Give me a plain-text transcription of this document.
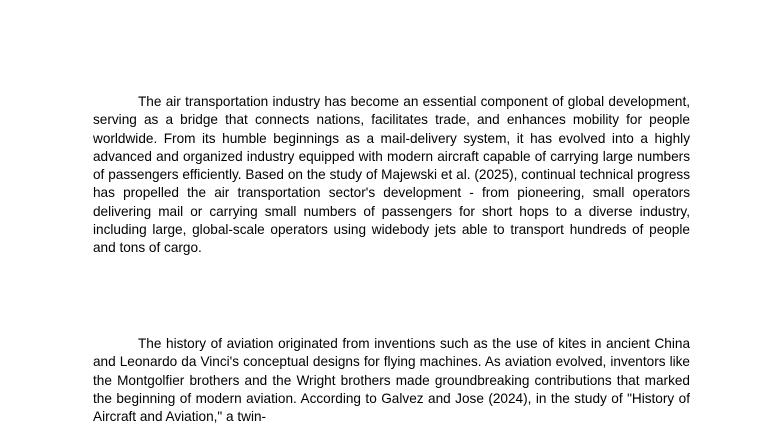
The air transportation industry has become an essential component of global development, serving as a bridge that connects nations, facilitates trade, and enhances mobility for people worldwide. From its humble beginnings as a mail-delivery system, it has evolved into a highly advanced and organized industry equipped with modern aircraft capable of carrying large numbers of passengers efficiently. Based on the study of Majewski et al. (2025), continual technical progress has propelled the air transportation sector's development - from pioneering, small operators delivering mail or carrying small numbers of passengers for short hops to a diverse industry, including large, global-scale operators using widebody jets able to transport hundreds of people and tons of cargo.

The history of aviation originated from inventions such as the use of kites in ancient China and Leonardo da Vinci's conceptual designs for flying machines. As aviation evolved, inventors like the Montgolfier brothers and the Wright brothers made groundbreaking contributions that marked the beginning of modern aviation. According to Galvez and Jose (2024), in the study of "History of Aircraft and Aviation," a twin-
